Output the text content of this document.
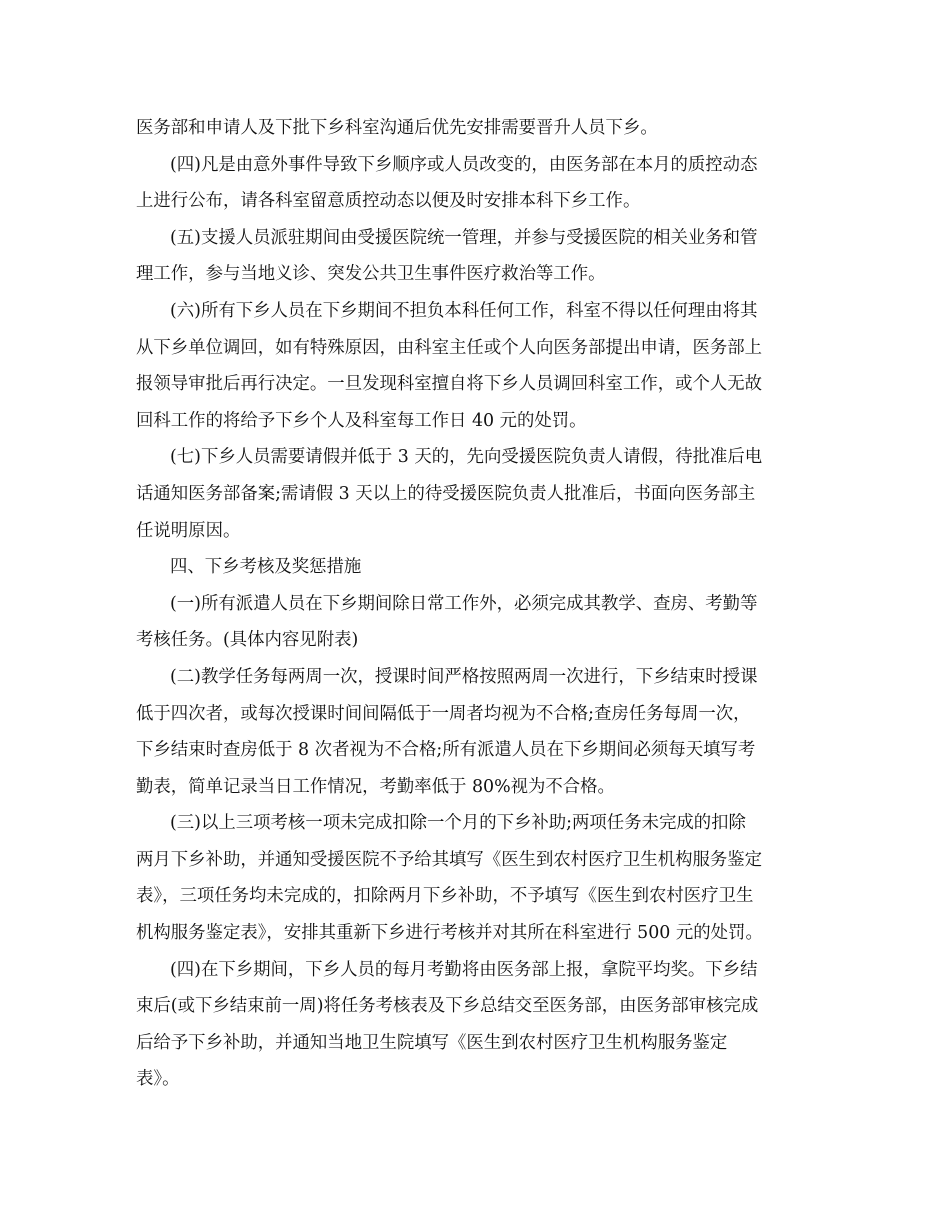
医务部和申请人及下批下乡科室沟通后优先安排需要晋升人员下乡。
(四)凡是由意外事件导致下乡顺序或人员改变的，由医务部在本月的质控动态
上进行公布，请各科室留意质控动态以便及时安排本科下乡工作。
(五)支援人员派驻期间由受援医院统一管理，并参与受援医院的相关业务和管
理工作，参与当地义诊、突发公共卫生事件医疗救治等工作。
(六)所有下乡人员在下乡期间不担负本科任何工作，科室不得以任何理由将其
从下乡单位调回，如有特殊原因，由科室主任或个人向医务部提出申请，医务部上
报领导审批后再行决定。一旦发现科室擅自将下乡人员调回科室工作，或个人无故
回科工作的将给予下乡个人及科室每工作日 40 元的处罚。
(七)下乡人员需要请假并低于 3 天的，先向受援医院负责人请假，待批准后电
话通知医务部备案;需请假 3 天以上的待受援医院负责人批准后，书面向医务部主
任说明原因。
四、下乡考核及奖惩措施
(一)所有派遣人员在下乡期间除日常工作外，必须完成其教学、查房、考勤等
考核任务。(具体内容见附表)
(二)教学任务每两周一次，授课时间严格按照两周一次进行，下乡结束时授课
低于四次者，或每次授课时间间隔低于一周者均视为不合格;查房任务每周一次，
下乡结束时查房低于 8 次者视为不合格;所有派遣人员在下乡期间必须每天填写考
勤表，简单记录当日工作情况，考勤率低于 80%视为不合格。
(三)以上三项考核一项未完成扣除一个月的下乡补助;两项任务未完成的扣除
两月下乡补助，并通知受援医院不予给其填写《医生到农村医疗卫生机构服务鉴定
表》，三项任务均未完成的，扣除两月下乡补助，不予填写《医生到农村医疗卫生
机构服务鉴定表》，安排其重新下乡进行考核并对其所在科室进行 500 元的处罚。
(四)在下乡期间，下乡人员的每月考勤将由医务部上报，拿院平均奖。下乡结
束后(或下乡结束前一周)将任务考核表及下乡总结交至医务部，由医务部审核完成
后给予下乡补助，并通知当地卫生院填写《医生到农村医疗卫生机构服务鉴定
表》。
